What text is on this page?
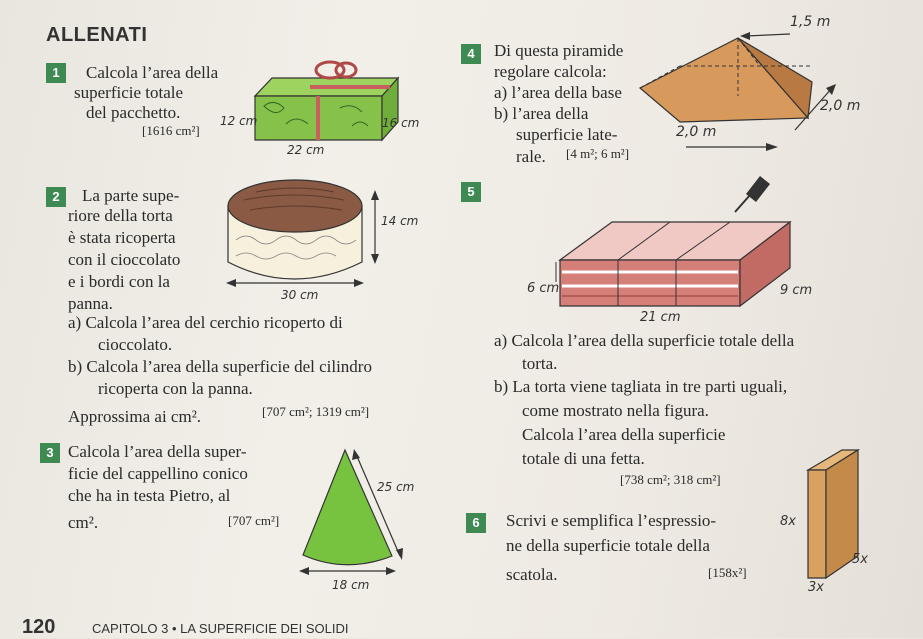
ALLENATI
1	Calcola l’area della
superficie totale
del pacchetto.
[1616 cm²]
12 cm	16 cm
22 cm
2	La parte supe-
riore della torta
è stata ricoperta
con il cioccolato
e i bordi con la
panna.
a) Calcola l’area del cerchio ricoperto di
cioccolato.
b) Calcola l’area della superficie del cilindro
ricoperta con la panna.
Approssima ai cm².	[707 cm²; 1319 cm²]
14 cm
30 cm
3 Calcola l’area della super-
ficie del cappellino conico
che ha in testa Pietro, al
cm².	[707 cm²]
25 cm
18 cm
4	Di questa piramide
regolare calcola:
a) l’area della base
b) l’area della
superficie late-
rale. [4 m²; 6 m²]
1,5 m
2,0 m
2,0 m
5
6 cm	9 cm
21 cm
a) Calcola l’area della superficie totale della
torta.
b) La torta viene tagliata in tre parti uguali,
come mostrato nella figura.
Calcola l’area della superficie
totale di una fetta.
[738 cm²; 318 cm²]
6	Scrivi e semplifica l’espressio-
ne della superficie totale della
scatola.	[158x²]
8x
5x
3x
120	CAPITOLO 3 • LA SUPERFICIE DEI SOLIDI
